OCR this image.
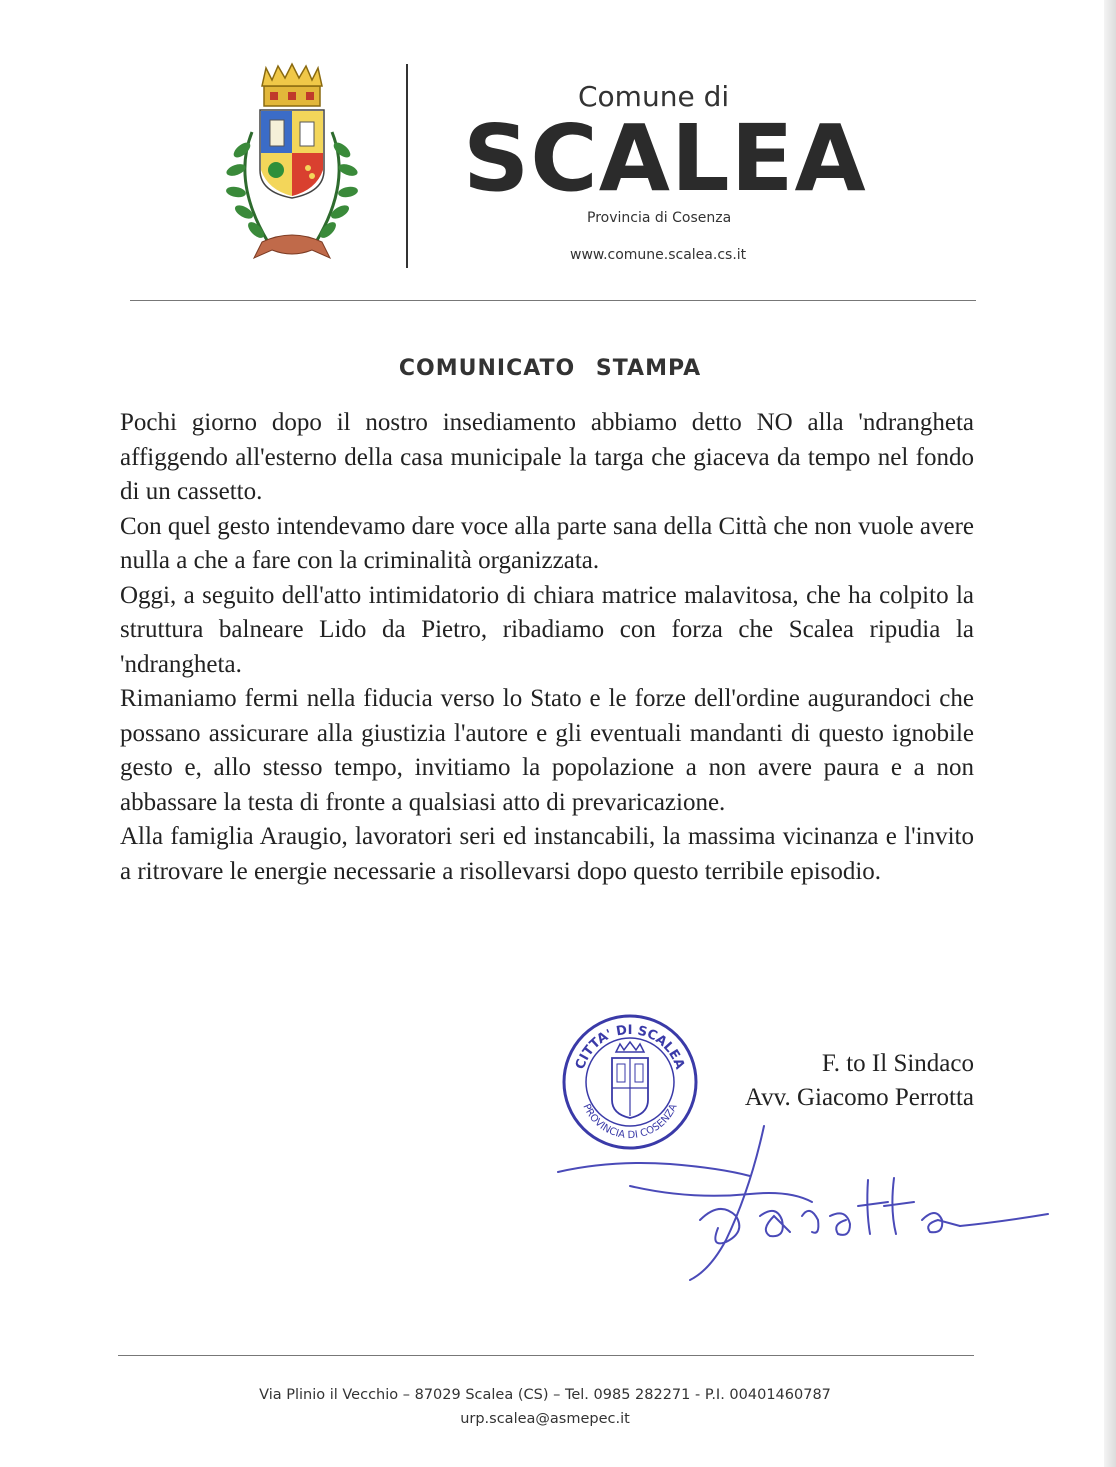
Comune di
SCALEA
Provincia di Cosenza
www.comune.scalea.cs.it
COMUNICATO STAMPA

Pochi giorno dopo il nostro insediamento abbiamo detto NO alla 'ndrangheta affiggendo all'esterno della casa municipale la targa che giaceva da tempo nel fondo di un cassetto.

Con quel gesto intendevamo dare voce alla parte sana della Città che non vuole avere nulla a che a fare con la criminalità organizzata.

Oggi, a seguito dell'atto intimidatorio di chiara matrice malavitosa, che ha colpito la struttura balneare Lido da Pietro, ribadiamo con forza che Scalea ripudia la 'ndrangheta.

Rimaniamo fermi nella fiducia verso lo Stato e le forze dell'ordine augurandoci che possano assicurare alla giustizia l'autore e gli eventuali mandanti di questo ignobile gesto e, allo stesso tempo, invitiamo la popolazione a non avere paura e a non abbassare la testa di fronte a qualsiasi atto di prevaricazione.

Alla famiglia Araugio, lavoratori seri ed instancabili, la massima vicinanza e l'invito a ritrovare le energie necessarie a risollevarsi dopo questo terribile episodio.

CITTA' DI SCALEA
PROVINCIA DI COSENZA
F. to Il Sindaco
Avv. Giacomo Perrotta
Via Plinio il Vecchio – 87029 Scalea (CS) – Tel. 0985 282271 - P.I. 00401460787
urp.scalea@asmepec.it
